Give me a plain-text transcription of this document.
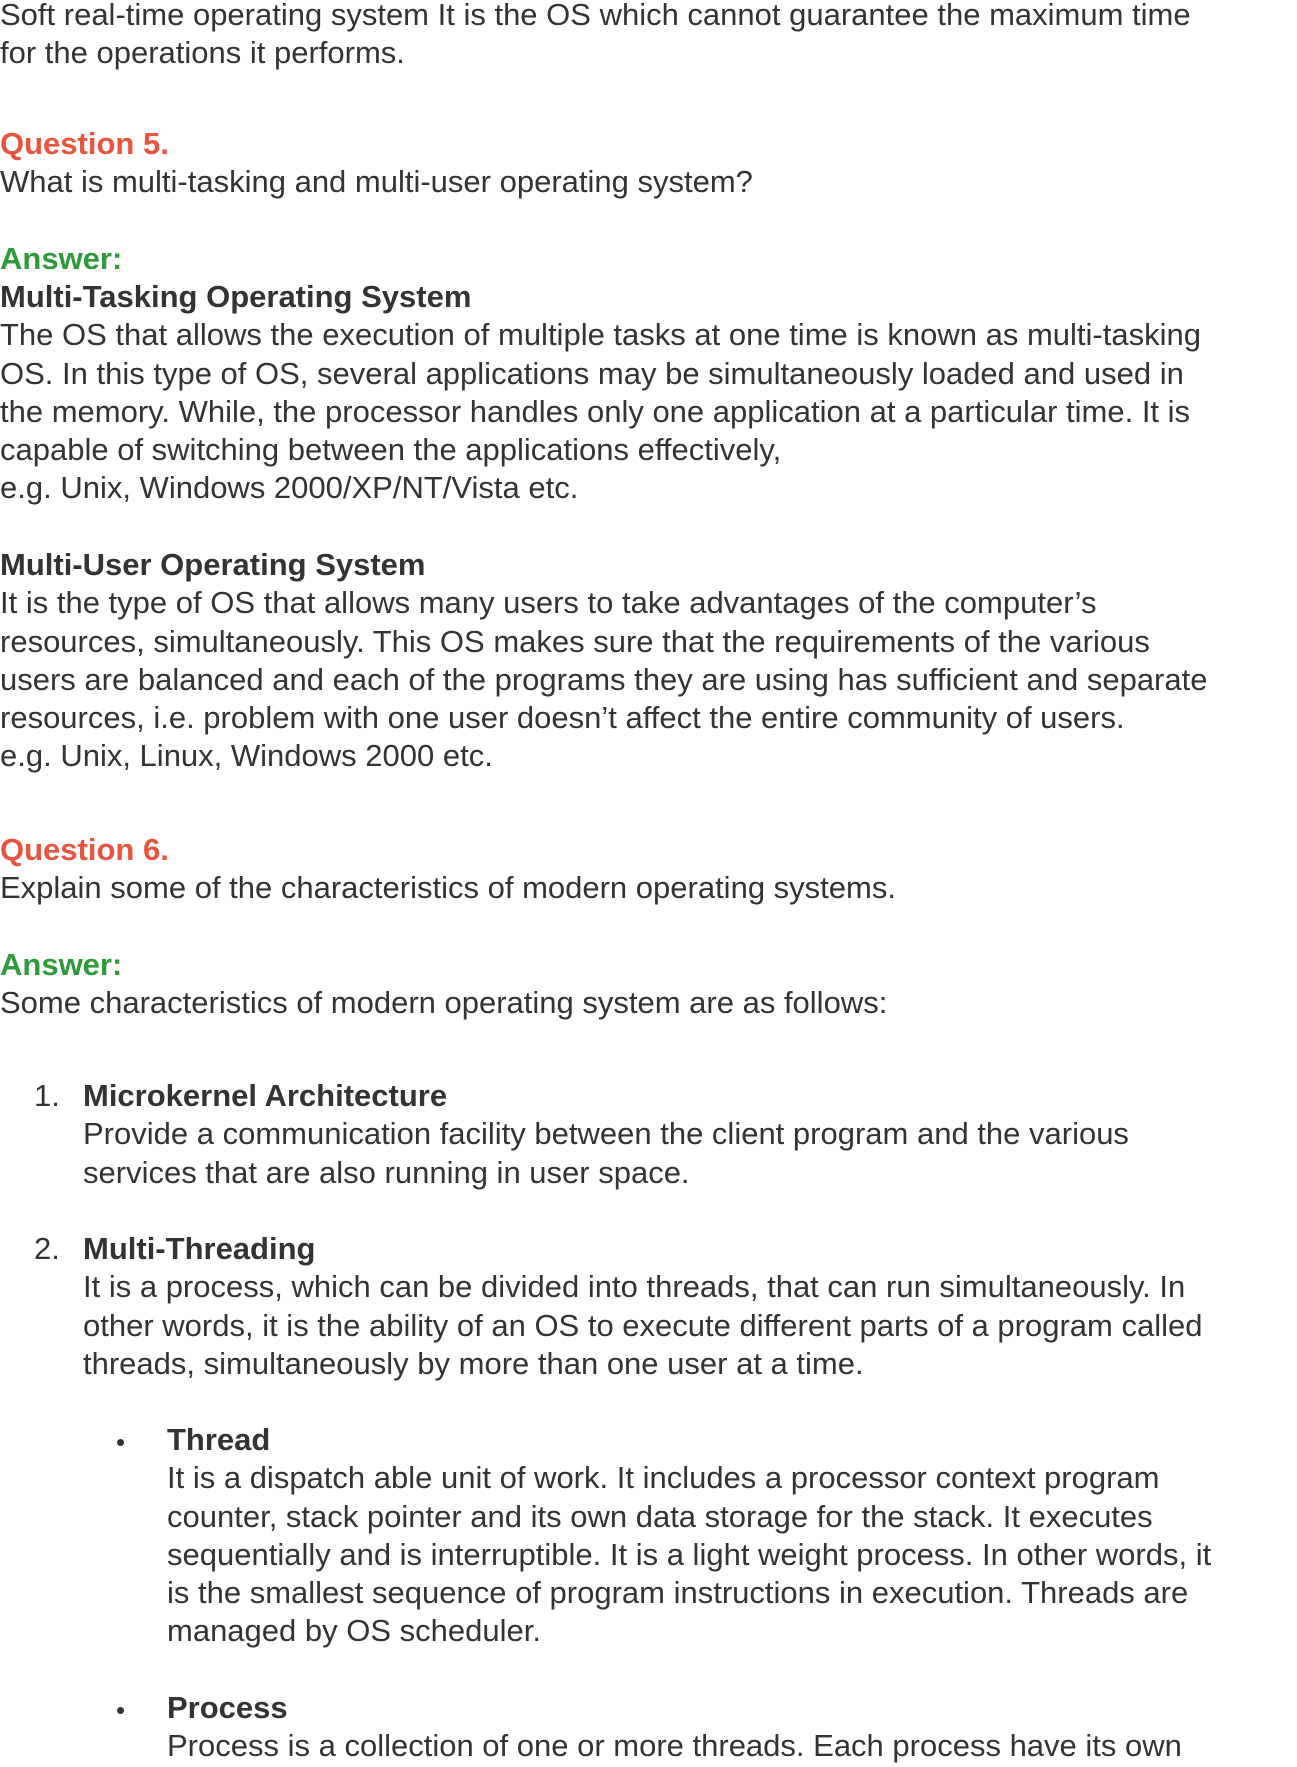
Soft real-time operating system It is the OS which cannot guarantee the maximum time
for the operations it performs.
Question 5.
What is multi-tasking and multi-user operating system?
Answer:
Multi-Tasking Operating System
The OS that allows the execution of multiple tasks at one time is known as multi-tasking
OS. In this type of OS, several applications may be simultaneously loaded and used in
the memory. While, the processor handles only one application at a particular time. It is
capable of switching between the applications effectively,
e.g. Unix, Windows 2000/XP/NT/Vista etc.
Multi-User Operating System
It is the type of OS that allows many users to take advantages of the computer’s
resources, simultaneously. This OS makes sure that the requirements of the various
users are balanced and each of the programs they are using has sufficient and separate
resources, i.e. problem with one user doesn’t affect the entire community of users.
e.g. Unix, Linux, Windows 2000 etc.
Question 6.
Explain some of the characteristics of modern operating systems.
Answer:
Some characteristics of modern operating system are as follows:
1. Microkernel Architecture
Provide a communication facility between the client program and the various
services that are also running in user space.
2. Multi-Threading
It is a process, which can be divided into threads, that can run simultaneously. In
other words, it is the ability of an OS to execute different parts of a program called
threads, simultaneously by more than one user at a time.
• Thread
It is a dispatch able unit of work. It includes a processor context program
counter, stack pointer and its own data storage for the stack. It executes
sequentially and is interruptible. It is a light weight process. In other words, it
is the smallest sequence of program instructions in execution. Threads are
managed by OS scheduler.
• Process
Process is a collection of one or more threads. Each process have its own
